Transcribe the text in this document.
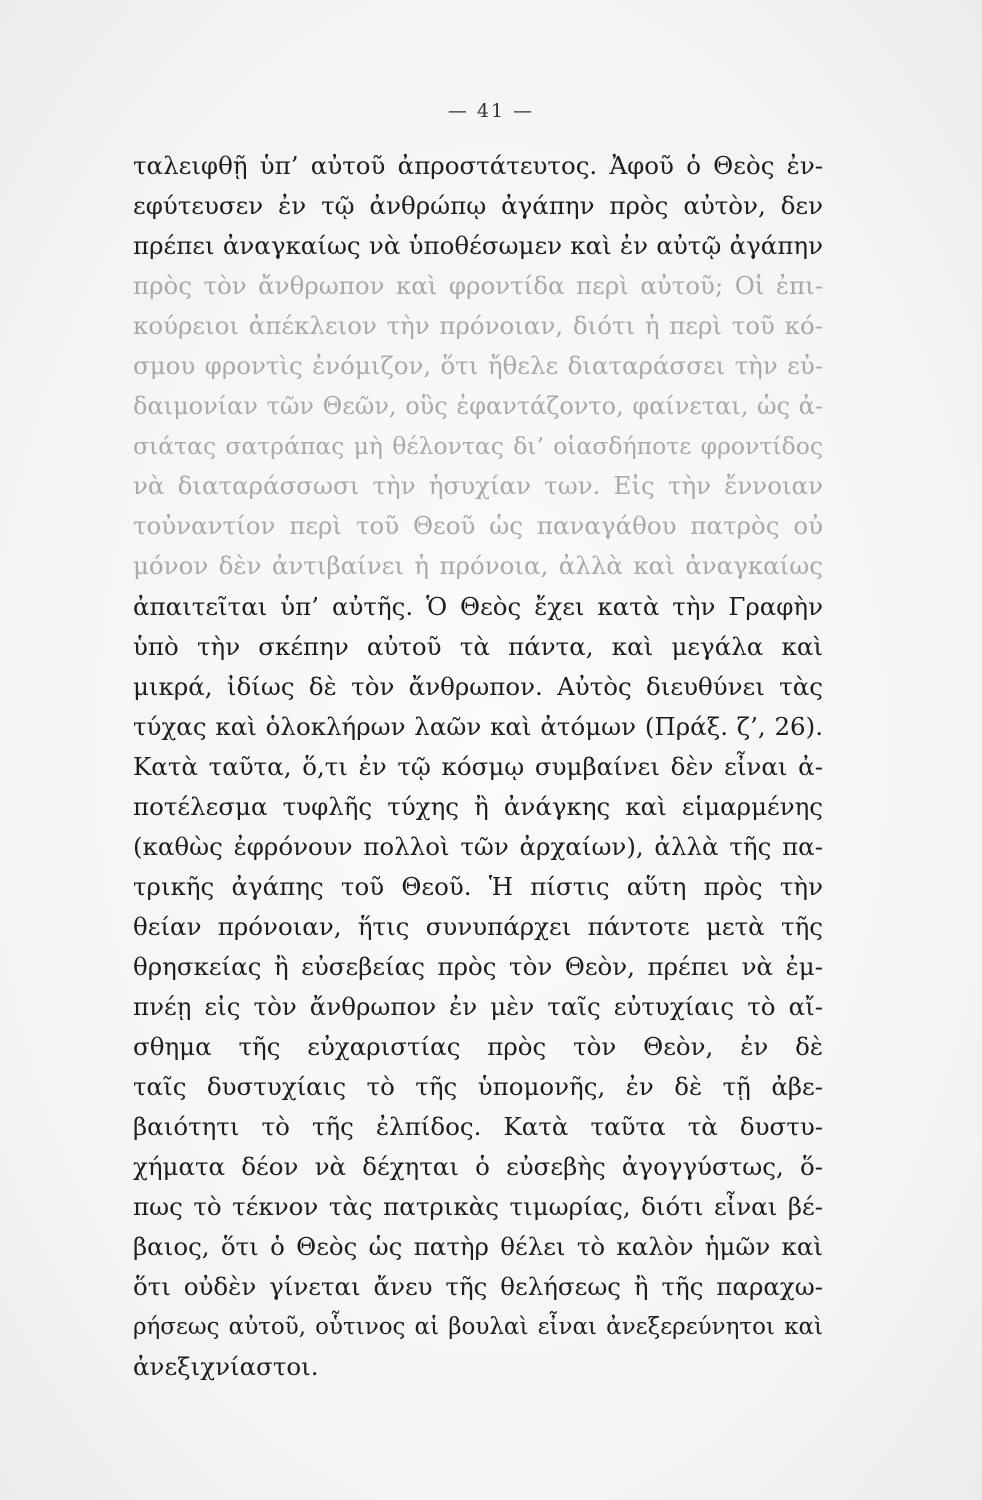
— 41 —
ταλειφθῇ ὑπ’ αὐτοῦ ἀπροστάτευτος. Ἀφοῦ ὁ Θεὸς ἐν-
εφύτευσεν ἐν τῷ ἀνθρώπῳ ἀγάπην πρὸς αὐτὸν, δεν
πρέπει ἀναγκαίως νὰ ὑποθέσωμεν καὶ ἐν αὐτῷ ἀγάπην
πρὸς τὸν ἄνθρωπον καὶ φροντίδα περὶ αὐτοῦ; Οἱ ἐπι-
κούρειοι ἀπέκλειον τὴν πρόνοιαν, διότι ἡ περὶ τοῦ κό-
σμου φροντὶς ἐνόμιζον, ὅτι ἤθελε διαταράσσει τὴν εὐ-
δαιμονίαν τῶν Θεῶν, οὓς ἐφαντάζοντο, φαίνεται, ὡς ἀ-
σιάτας σατράπας μὴ θέλοντας δι’ οἱασδήποτε φροντίδος
νὰ διαταράσσωσι τὴν ἡσυχίαν των. Εἰς τὴν ἔννοιαν
τοὐναντίον περὶ τοῦ Θεοῦ ὡς παναγάθου πατρὸς οὐ
μόνον δὲν ἀντιβαίνει ἡ πρόνοια, ἀλλὰ καὶ ἀναγκαίως
ἀπαιτεῖται ὑπ’ αὐτῆς. Ὁ Θεὸς ἔχει κατὰ τὴν Γραφὴν
ὑπὸ τὴν σκέπην αὐτοῦ τὰ πάντα, καὶ μεγάλα καὶ
μικρά, ἰδίως δὲ τὸν ἄνθρωπον. Αὐτὸς διευθύνει τὰς
τύχας καὶ ὁλοκλήρων λαῶν καὶ ἀτόμων (Πράξ. ζ’, 26).
Κατὰ ταῦτα, ὅ,τι ἐν τῷ κόσμῳ συμβαίνει δὲν εἶναι ἀ-
ποτέλεσμα τυφλῆς τύχης ἢ ἀνάγκης καὶ εἱμαρμένης
(καθὼς ἐφρόνουν πολλοὶ τῶν ἀρχαίων), ἀλλὰ τῆς πα-
τρικῆς ἀγάπης τοῦ Θεοῦ. Ἡ πίστις αὕτη πρὸς τὴν
θείαν πρόνοιαν, ἥτις συνυπάρχει πάντοτε μετὰ τῆς
θρησκείας ἢ εὐσεβείας πρὸς τὸν Θεὸν, πρέπει νὰ ἐμ-
πνέῃ εἰς τὸν ἄνθρωπον ἐν μὲν ταῖς εὐτυχίαις τὸ αἴ-
σθημα τῆς εὐχαριστίας πρὸς τὸν Θεὸν, ἐν δὲ
ταῖς δυστυχίαις τὸ τῆς ὑπομονῆς, ἐν δὲ τῇ ἀβε-
βαιότητι τὸ τῆς ἐλπίδος. Κατὰ ταῦτα τὰ δυστυ-
χήματα δέον νὰ δέχηται ὁ εὐσεβὴς ἀγογγύστως, ὅ-
πως τὸ τέκνον τὰς πατρικὰς τιμωρίας, διότι εἶναι βέ-
βαιος, ὅτι ὁ Θεὸς ὡς πατὴρ θέλει τὸ καλὸν ἡμῶν καὶ
ὅτι οὐδὲν γίνεται ἄνευ τῆς θελήσεως ἢ τῆς παραχω-
ρήσεως αὐτοῦ, οὗτινος αἱ βουλαὶ εἶναι ἀνεξερεύνητοι καὶ
ἀνεξιχνίαστοι.
